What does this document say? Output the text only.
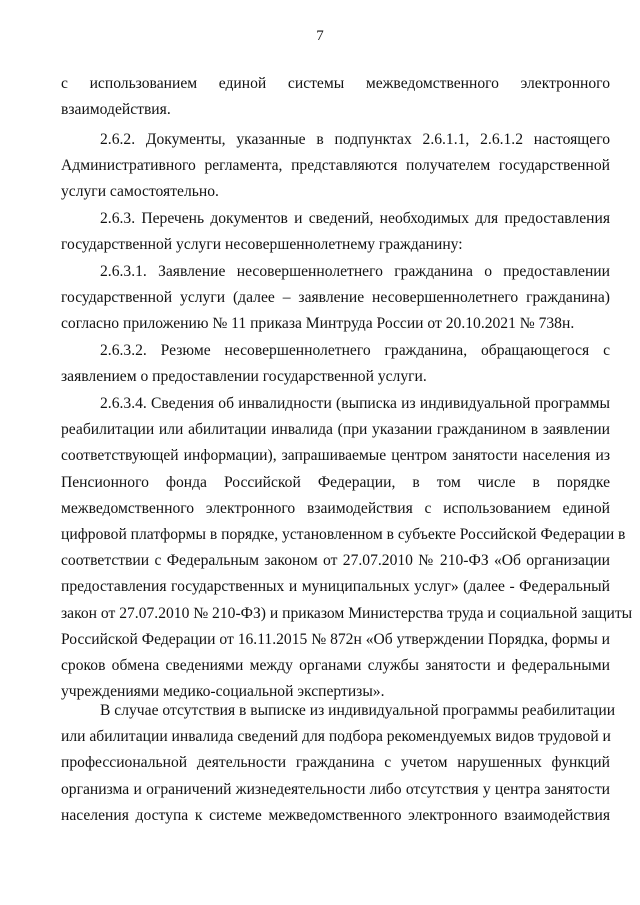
7
с использованием единой системы межведомственного электронного
взаимодействия.
2.6.2. Документы, указанные в подпунктах 2.6.1.1, 2.6.1.2 настоящего
Административного регламента, представляются получателем государственной
услуги самостоятельно.
2.6.3. Перечень документов и сведений, необходимых для предоставления
государственной услуги несовершеннолетнему гражданину:
2.6.3.1. Заявление несовершеннолетнего гражданина о предоставлении
государственной услуги (далее – заявление несовершеннолетнего гражданина)
согласно приложению № 11 приказа Минтруда России от 20.10.2021 № 738н.
2.6.3.2. Резюме несовершеннолетнего гражданина, обращающегося с
заявлением о предоставлении государственной услуги.
2.6.3.4. Сведения об инвалидности (выписка из индивидуальной программы
реабилитации или абилитации инвалида (при указании гражданином в заявлении
соответствующей информации), запрашиваемые центром занятости населения из
Пенсионного фонда Российской Федерации, в том числе в порядке
межведомственного электронного взаимодействия с использованием единой
цифровой платформы в порядке, установленном в субъекте Российской Федерации в
соответствии с Федеральным законом от 27.07.2010 № 210-ФЗ «Об организации
предоставления государственных и муниципальных услуг» (далее - Федеральный
закон от 27.07.2010 № 210-ФЗ) и приказом Министерства труда и социальной защиты
Российской Федерации от 16.11.2015 № 872н «Об утверждении Порядка, формы и
сроков обмена сведениями между органами службы занятости и федеральными
учреждениями медико-социальной экспертизы».
В случае отсутствия в выписке из индивидуальной программы реабилитации
или абилитации инвалида сведений для подбора рекомендуемых видов трудовой и
профессиональной деятельности гражданина с учетом нарушенных функций
организма и ограничений жизнедеятельности либо отсутствия у центра занятости
населения доступа к системе межведомственного электронного взаимодействия
